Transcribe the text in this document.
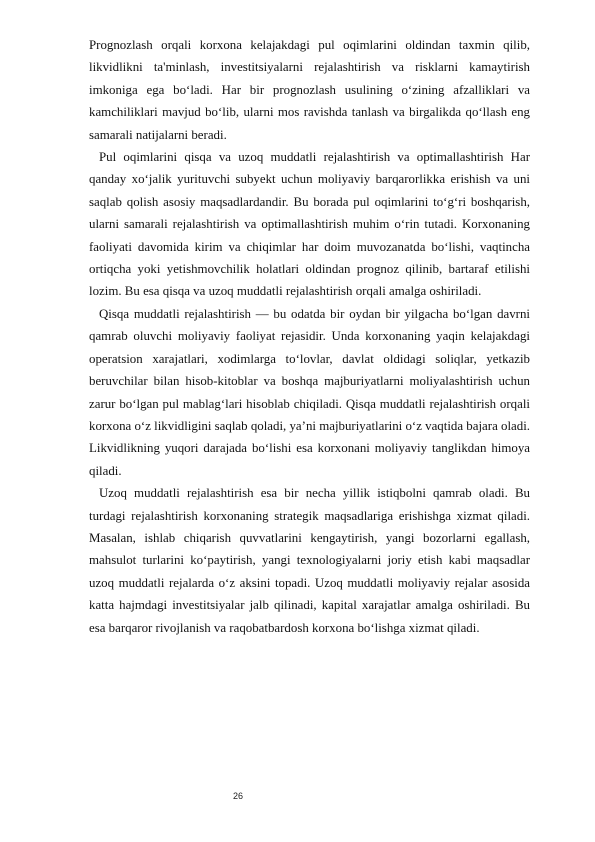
Prognozlash orqali korxona kelajakdagi pul oqimlarini oldindan taxmin qilib, likvidlikni ta'minlash, investitsiyalarni rejalashtirish va risklarni kamaytirish imkoniga ega bo‘ladi. Har bir prognozlash usulining o‘zining afzalliklari va kamchiliklari mavjud bo‘lib, ularni mos ravishda tanlash va birgalikda qo‘llash eng samarali natijalarni beradi.

Pul oqimlarini qisqa va uzoq muddatli rejalashtirish va optimallashtirish Har qanday xo‘jalik yurituvchi subyekt uchun moliyaviy barqarorlikka erishish va uni saqlab qolish asosiy maqsadlardandir. Bu borada pul oqimlarini to‘g‘ri boshqarish, ularni samarali rejalashtirish va optimallashtirish muhim o‘rin tutadi. Korxonaning faoliyati davomida kirim va chiqimlar har doim muvozanatda bo‘lishi, vaqtincha ortiqcha yoki yetishmovchilik holatlari oldindan prognoz qilinib, bartaraf etilishi lozim. Bu esa qisqa va uzoq muddatli rejalashtirish orqali amalga oshiriladi.

Qisqa muddatli rejalashtirish — bu odatda bir oydan bir yilgacha bo‘lgan davrni qamrab oluvchi moliyaviy faoliyat rejasidir. Unda korxonaning yaqin kelajakdagi operatsion xarajatlari, xodimlarga to‘lovlar, davlat oldidagi soliqlar, yetkazib beruvchilar bilan hisob-kitoblar va boshqa majburiyatlarni moliyalashtirish uchun zarur bo‘lgan pul mablag‘lari hisoblab chiqiladi. Qisqa muddatli rejalashtirish orqali korxona o‘z likvidligini saqlab qoladi, ya’ni majburiyatlarini o‘z vaqtida bajara oladi. Likvidlikning yuqori darajada bo‘lishi esa korxonani moliyaviy tanglikdan himoya qiladi.

Uzoq muddatli rejalashtirish esa bir necha yillik istiqbolni qamrab oladi. Bu turdagi rejalashtirish korxonaning strategik maqsadlariga erishishga xizmat qiladi. Masalan, ishlab chiqarish quvvatlarini kengaytirish, yangi bozorlarni egallash, mahsulot turlarini ko‘paytirish, yangi texnologiyalarni joriy etish kabi maqsadlar uzoq muddatli rejalarda o‘z aksini topadi. Uzoq muddatli moliyaviy rejalar asosida katta hajmdagi investitsiyalar jalb qilinadi, kapital xarajatlar amalga oshiriladi. Bu esa barqaror rivojlanish va raqobatbardosh korxona bo‘lishga xizmat qiladi.

26
